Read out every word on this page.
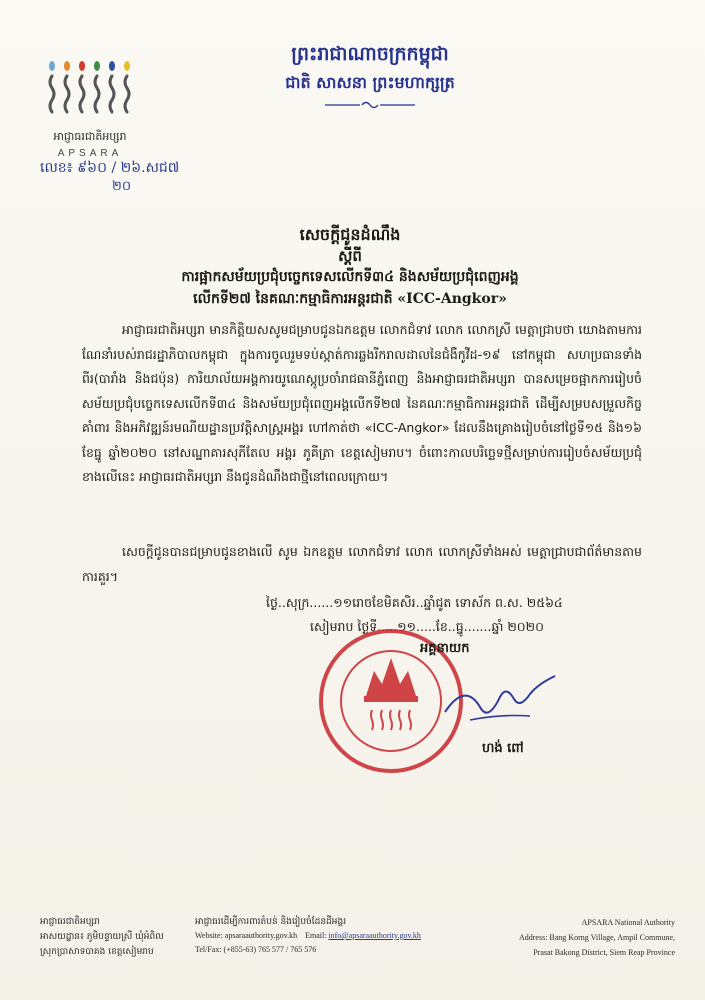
អាជ្ញាធរជាតិអប្សរា
APSARA
លេខ៖ ៩៦០ / ២៦.សជ៧
២០
ព្រះរាជាណាចក្រកម្ពុជា
ជាតិ សាសនា ព្រះមហាក្សត្រ
សេចក្ដីជូនដំណឹង
ស្ដីពី
ការផ្អាកសម័យប្រជុំបច្ចេកទេសលើកទី៣៤ និងសម័យប្រជុំពេញអង្គ
លើកទី២៧ នៃគណៈកម្មាធិការអន្តរជាតិ «ICC-Angkor»

អាជ្ញាធរជាតិអប្សរា មានកិត្តិយសសូមជម្រាបជូនឯកឧត្តម លោកជំទាវ លោក លោកស្រី មេត្តាជ្រាបថា យោងតាមការណែនាំរបស់រាជរដ្ឋាភិបាលកម្ពុជា ក្នុងការចូលរួមទប់ស្កាត់ការឆ្លងរីករាលដាលនៃជំងឺកូវីដ-១៩ នៅកម្ពុជា សហប្រធានទាំងពីរ(បារាំង និងជប៉ុន) ការិយាល័យអង្គការយូណេស្កូប្រចាំរាជធានីភ្នំពេញ និងអាជ្ញាធរជាតិអប្សរា បានសម្រេចផ្អាកការរៀបចំសម័យប្រជុំបច្ចេកទេសលើកទី៣៤ និងសម័យប្រជុំពេញអង្គលើកទី២៧ នៃគណៈកម្មាធិការអន្តរជាតិ ដើម្បីសម្របសម្រួលកិច្ចគាំពារ និងអភិវឌ្ឍន៍រមណីយដ្ឋានប្រវត្តិសាស្ត្រអង្គរ ហៅកាត់ថា «ICC-Angkor» ដែលនឹងគ្រោងរៀបចំនៅថ្ងៃទី១៥ និង១៦ ខែធ្នូ ឆ្នាំ២០២០ នៅសណ្ឋាគារសុភីតែល អង្គរ ភូគីត្រា ខេត្តសៀមរាប។ ចំពោះកាលបរិច្ឆេទថ្មីសម្រាប់ការរៀបចំសម័យប្រជុំខាងលើនេះ អាជ្ញាធរជាតិអប្សរា នឹងជូនដំណឹងជាថ្មីនៅពេលក្រោយ។

សេចក្ដីជូនបានជម្រាបជូនខាងលើ សូម ឯកឧត្តម លោកជំទាវ លោក លោកស្រីទាំងអស់ មេត្តាជ្រាបជាព័ត៌មានតាមការគួរ។

ថ្ងៃ..សុក្រ......១១រោចខែមិគសិរ..ឆ្នាំជូត ទោស័ក ព.ស. ២៥៦៤
សៀមរាប ថ្ងៃទី.....១១.....ខែ..ធ្នូ.......ឆ្នាំ ២០២០
អគ្គនាយក
ហង់ ពៅ
អាជ្ញាធរជាតិអប្សរា
អាសយដ្ឋាន៖ ភូមិបន្ទាយស្រី ឃុំអំពិល
ស្រុកប្រាសាទបាគង ខេត្តសៀមរាប
អាជ្ញាធរដើម្បីការពារតំបន់ និងរៀបចំដែនដីអង្គរ
Website: apsaraauthority.gov.kh Email: info@apsaraauthority.gov.kh
Tel/Fax: (+855-63) 765 577 / 765 576
APSARA National Authority
Address: Bang Korng Village, Ampil Commune,
Prasat Bakong District, Siem Reap Province
